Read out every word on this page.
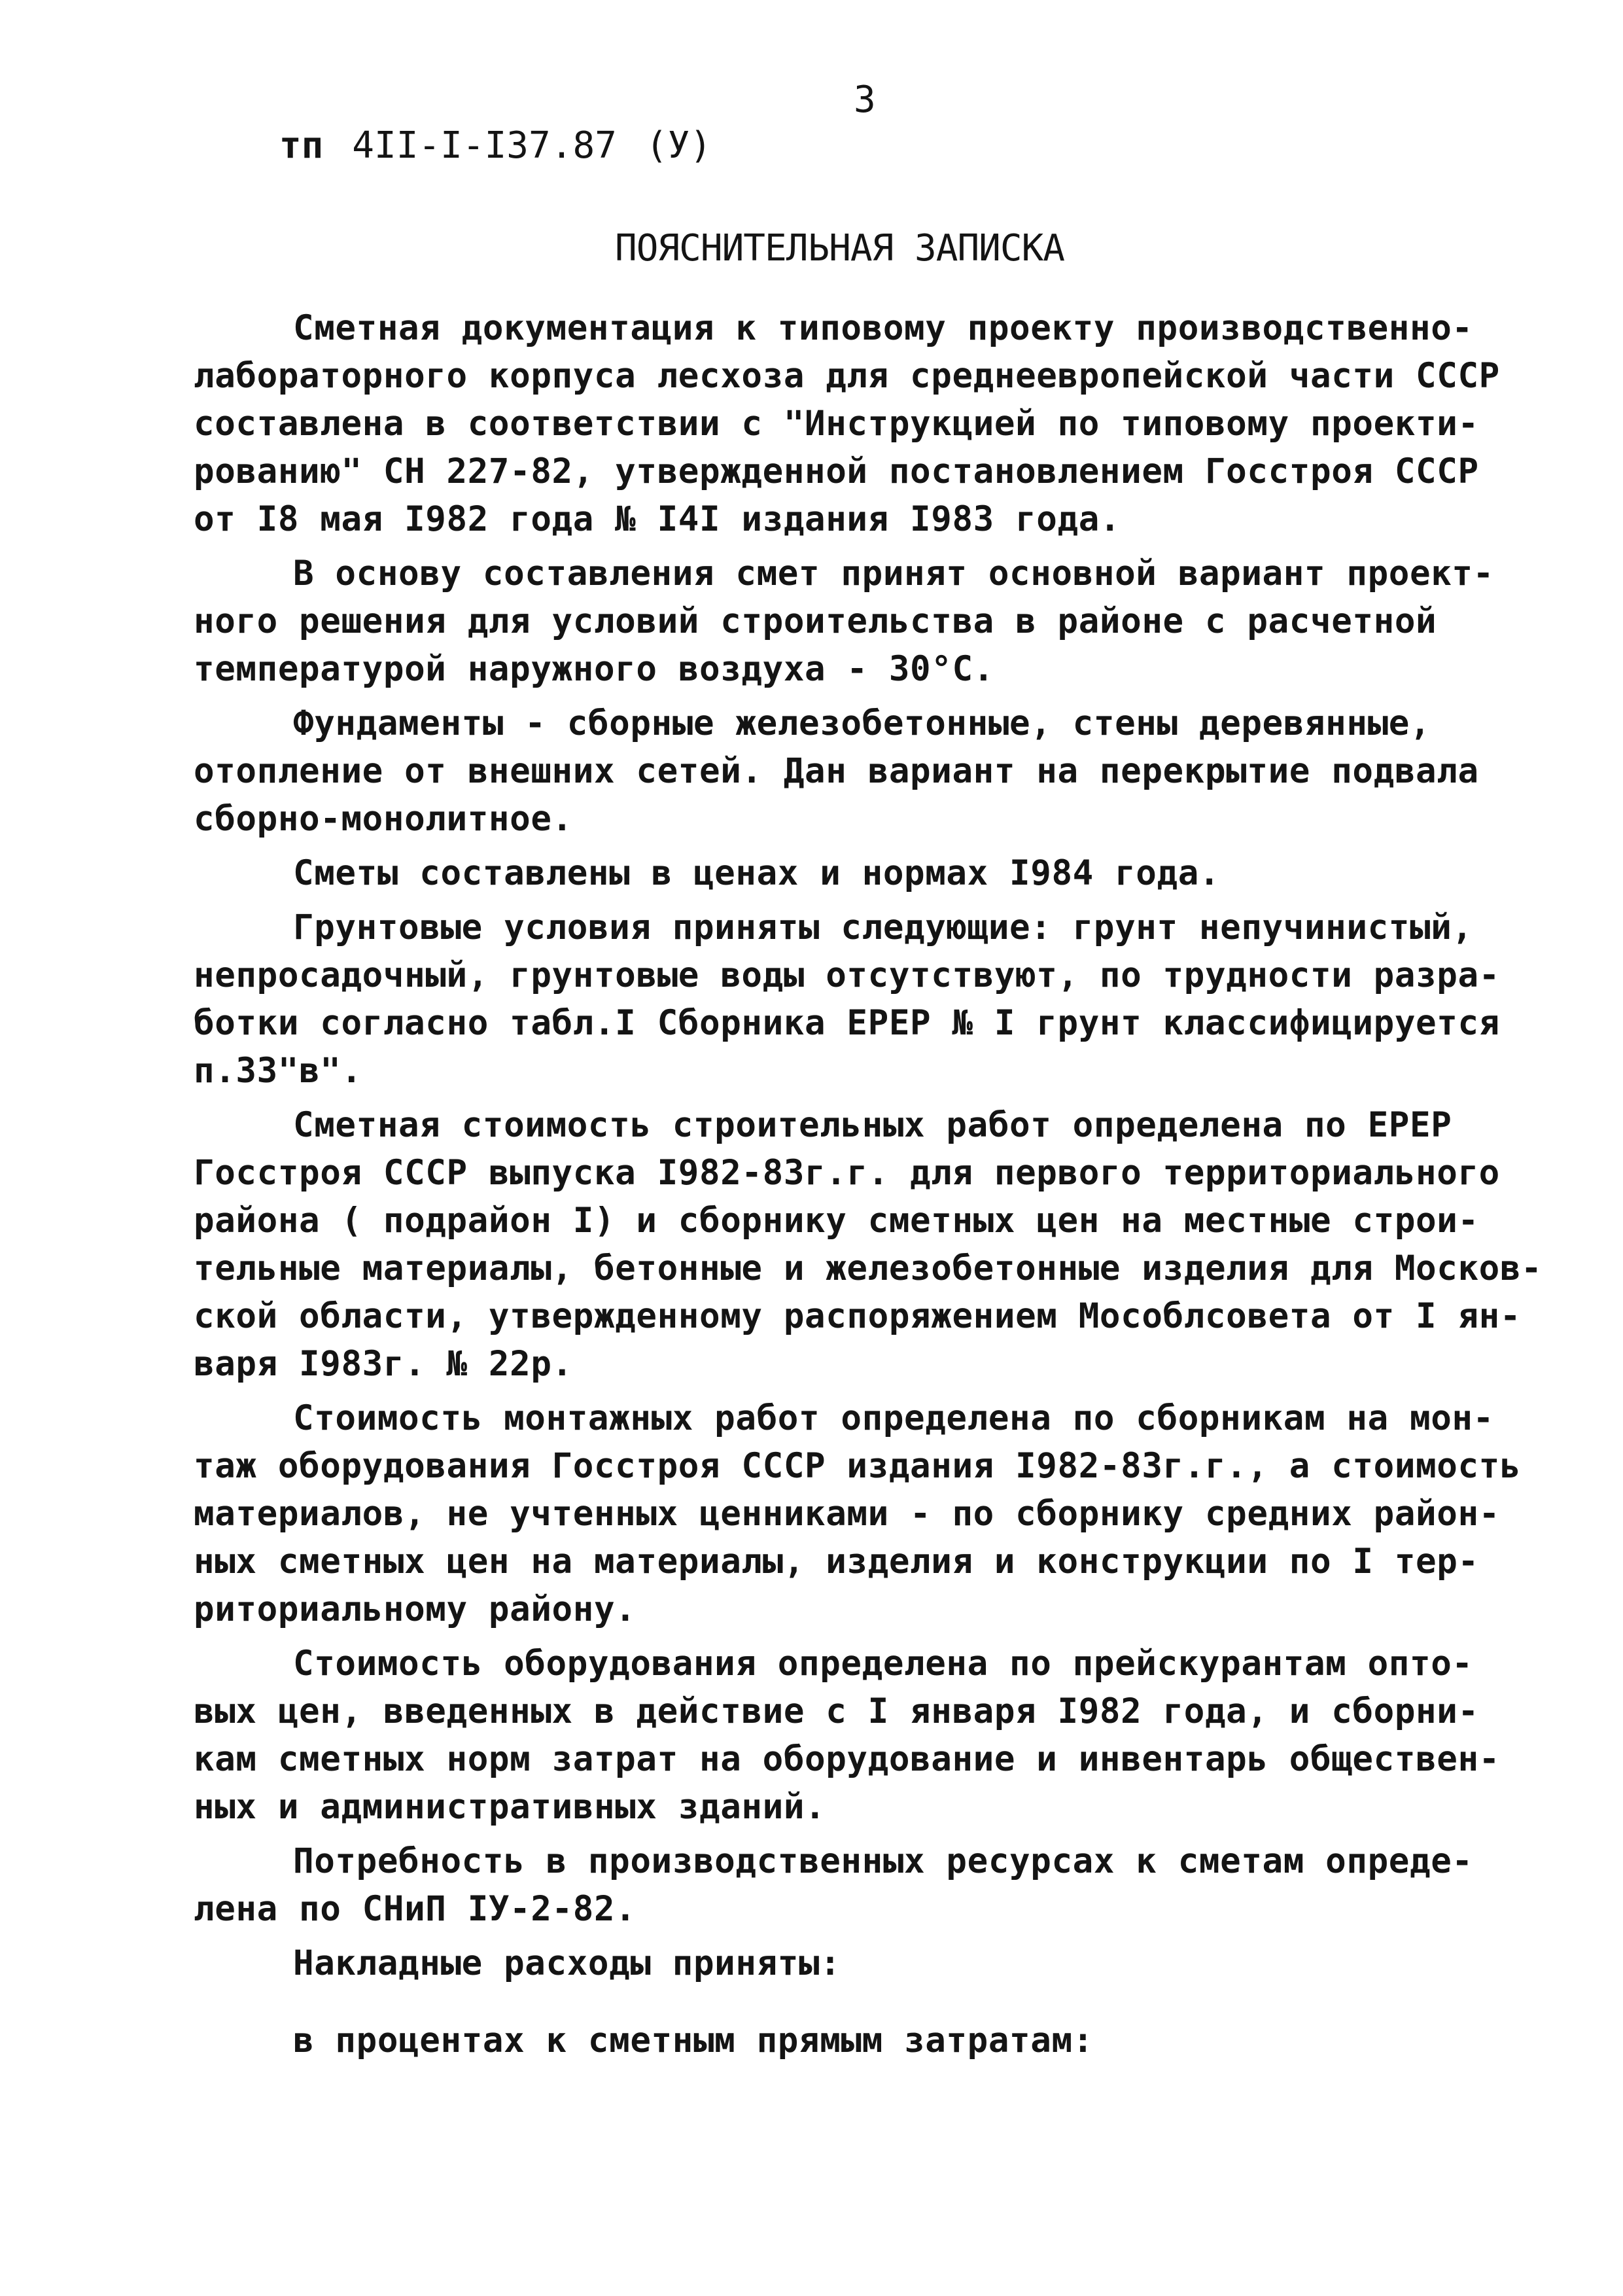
тп 4II-I-I37.87 (У)
3

ПОЯСНИТЕЛЬНАЯ ЗАПИСКА
Сметная документация к типовому проекту производственно-
лабораторного корпуса лесхоза для среднеевропейской части СССР
составлена в соответствии с "Инструкцией по типовому проекти-
рованию" СН 227-82, утвержденной постановлением Госстроя СССР
от I8 мая I982 года № I4I издания I983 года.
В основу составления смет принят основной вариант проект-
ного решения для условий строительства в районе с расчетной
температурой наружного воздуха - 30°С.
Фундаменты - сборные железобетонные, стены деревянные,
отопление от внешних сетей. Дан вариант на перекрытие подвала
сборно-монолитное.
Сметы составлены в ценах и нормах I984 года.
Грунтовые условия приняты следующие: грунт непучинистый,
непросадочный, грунтовые воды отсутствуют, по трудности разра-
ботки согласно табл.I Сборника ЕРЕР № I грунт классифицируется
п.33"в".
Сметная стоимость строительных работ определена по ЕРЕР
Госстроя СССР выпуска I982-83г.г. для первого территориального
района ( подрайон I) и сборнику сметных цен на местные строи-
тельные материалы, бетонные и железобетонные изделия для Москов-
ской области, утвержденному распоряжением Мособлсовета от I ян-
варя I983г. № 22р.
Стоимость монтажных работ определена по сборникам на мон-
таж оборудования Госстроя СССР издания I982-83г.г., а стоимость
материалов, не учтенных ценниками - по сборнику средних район-
ных сметных цен на материалы, изделия и конструкции по I тер-
риториальному району.
Стоимость оборудования определена по прейскурантам опто-
вых цен, введенных в действие с I января I982 года, и сборни-
кам сметных норм затрат на оборудование и инвентарь обществен-
ных и административных зданий.
Потребность в производственных ресурсах к сметам опреде-
лена по СНиП IУ-2-82.
Накладные расходы приняты:
в процентах к сметным прямым затратам:
